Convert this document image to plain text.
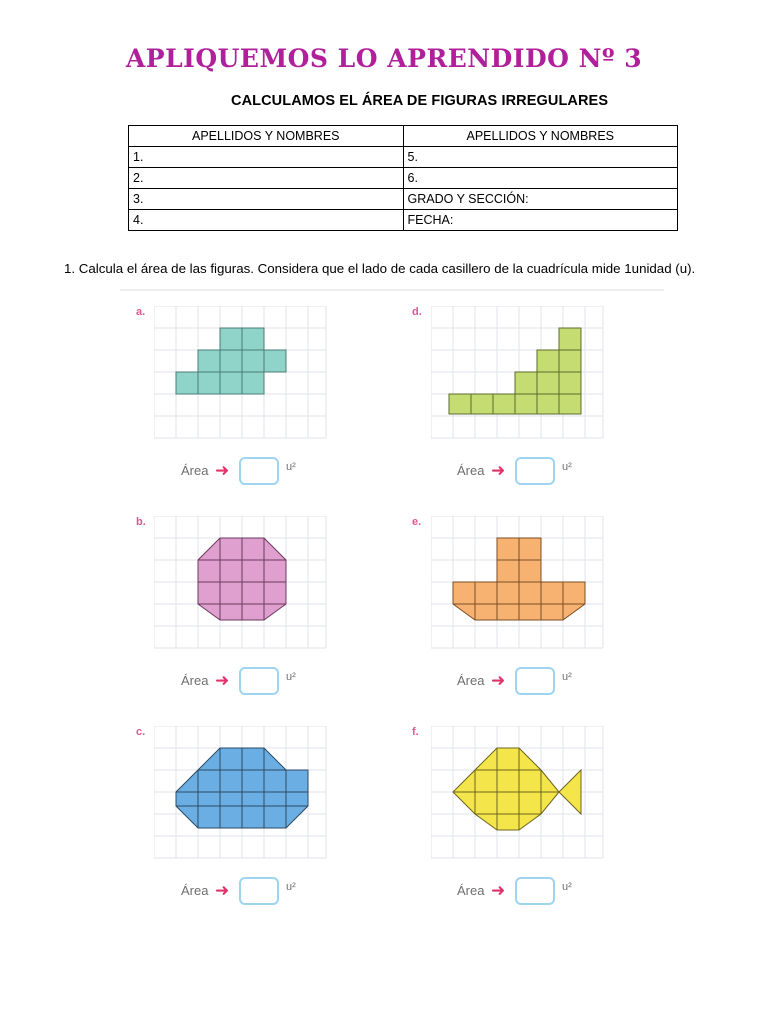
APLIQUEMOS LO APRENDIDO Nº 3
CALCULAMOS EL ÁREA DE FIGURAS IRREGULARES
APELLIDOS Y NOMBRES	APELLIDOS Y NOMBRES
1.	5.
2.	6.
3.	GRADO Y SECCIÓN:
4.	FECHA:
1. Calcula el área de las figuras. Considera que el lado de cada casillero de la cuadrícula mide 1unidad (u).
a.
Área ➜	u²
d.
Área ➜	u²
b.
Área ➜	u²
e.
Área ➜	u²
c.
Área ➜	u²
f.
Área ➜	u²
